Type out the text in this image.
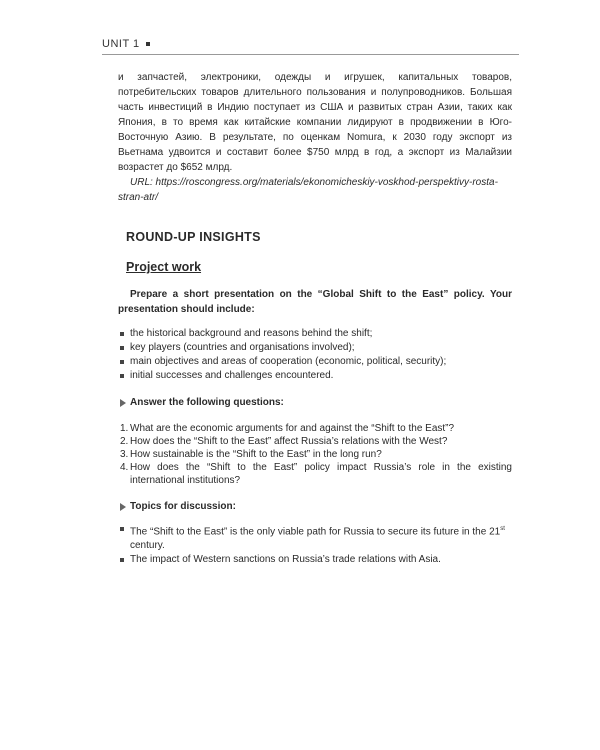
UNIT 1

и запчастей, электроники, одежды и игрушек, капитальных товаров, потребительских товаров длительного пользования и полупроводников. Большая часть инвестиций в Индию поступает из США и развитых стран Азии, таких как Япония, в то время как китайские компании лидируют в продвижении в Юго-Восточную Азию. В результате, по оценкам Nomura, к 2030 году экспорт из Вьетнама удвоится и составит более $750 млрд в год, а экспорт из Малайзии возрастет до $652 млрд.

URL: https://roscongress.org/materials/ekonomicheskiy-voskhod-perspektivy-rosta-stran-atr/

ROUND-UP INSIGHTS
Project work

Prepare a short presentation on the “Global Shift to the East” policy. Your presentation should include:

the historical background and reasons behind the shift;
key players (countries and organisations involved);
main objectives and areas of cooperation (economic, political, security);
initial successes and challenges encountered.
Answer the following questions:
1. What are the economic arguments for and against the “Shift to the East”?
2. How does the “Shift to the East” affect Russia’s relations with the West?
3. How sustainable is the “Shift to the East” in the long run?
4. How does the “Shift to the East” policy impact Russia’s role in the existing international institutions?
Topics for discussion:
The “Shift to the East” is the only viable path for Russia to secure its future in the 21st century.
The impact of Western sanctions on Russia’s trade relations with Asia.
